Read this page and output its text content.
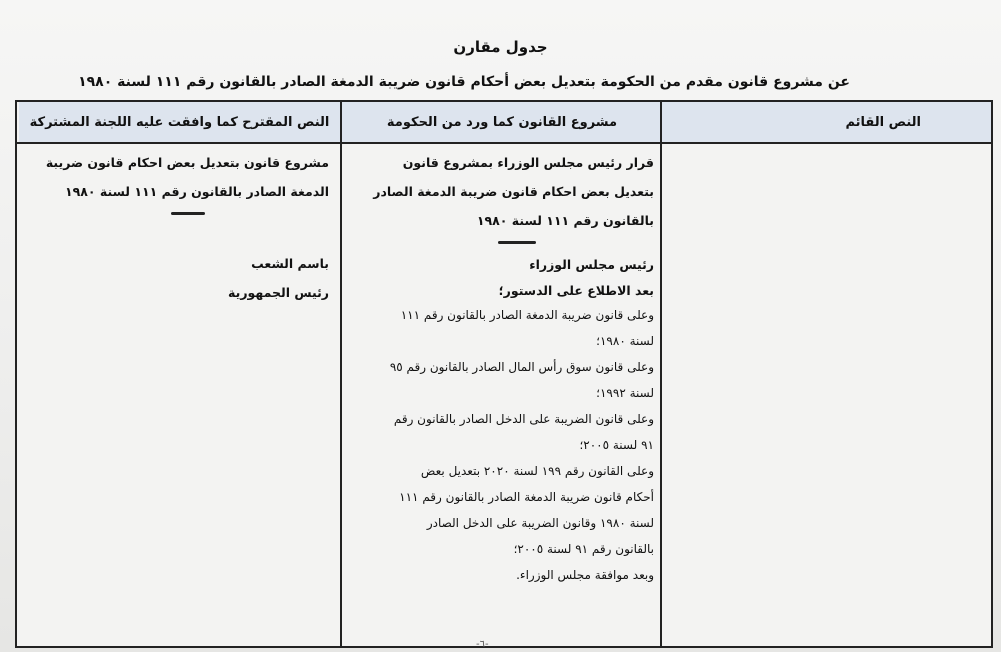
جدول مقارن
عن مشروع قانون مقدم من الحكومة بتعديل بعض أحكام قانون ضريبة الدمغة الصادر بالقانون رقم ١١١ لسنة ١٩٨٠
النص القائم
مشروع القانون كما ورد من الحكومة
النص المقترح كما وافقت عليه اللجنة المشتركة

قرار رئيس مجلس الوزراء بمشروع قانون

بتعديل بعض احكام قانون ضريبة الدمغة الصادر

بالقانون رقم ١١١ لسنة ١٩٨٠

رئيس مجلس الوزراء

بعد الاطلاع على الدستور؛

وعلى قانون ضريبة الدمغة الصادر بالقانون رقم ١١١

لسنة ١٩٨٠؛

وعلى قانون سوق رأس المال الصادر بالقانون رقم ٩٥

لسنة ١٩٩٢؛

وعلى قانون الضريبة على الدخل الصادر بالقانون رقم

٩١ لسنة ٢٠٠٥؛

وعلى القانون رقم ١٩٩ لسنة ٢٠٢٠ بتعديل بعض

أحكام قانون ضريبة الدمغة الصادر بالقانون رقم ١١١

لسنة ١٩٨٠ وقانون الضريبة على الدخل الصادر

بالقانون رقم ٩١ لسنة ٢٠٠٥؛

وبعد موافقة مجلس الوزراء.

مشروع قانون بتعديل بعض احكام قانون ضريبة

الدمغة الصادر بالقانون رقم ١١١ لسنة ١٩٨٠

باسم الشعب

رئيس الجمهورية

-٦-
